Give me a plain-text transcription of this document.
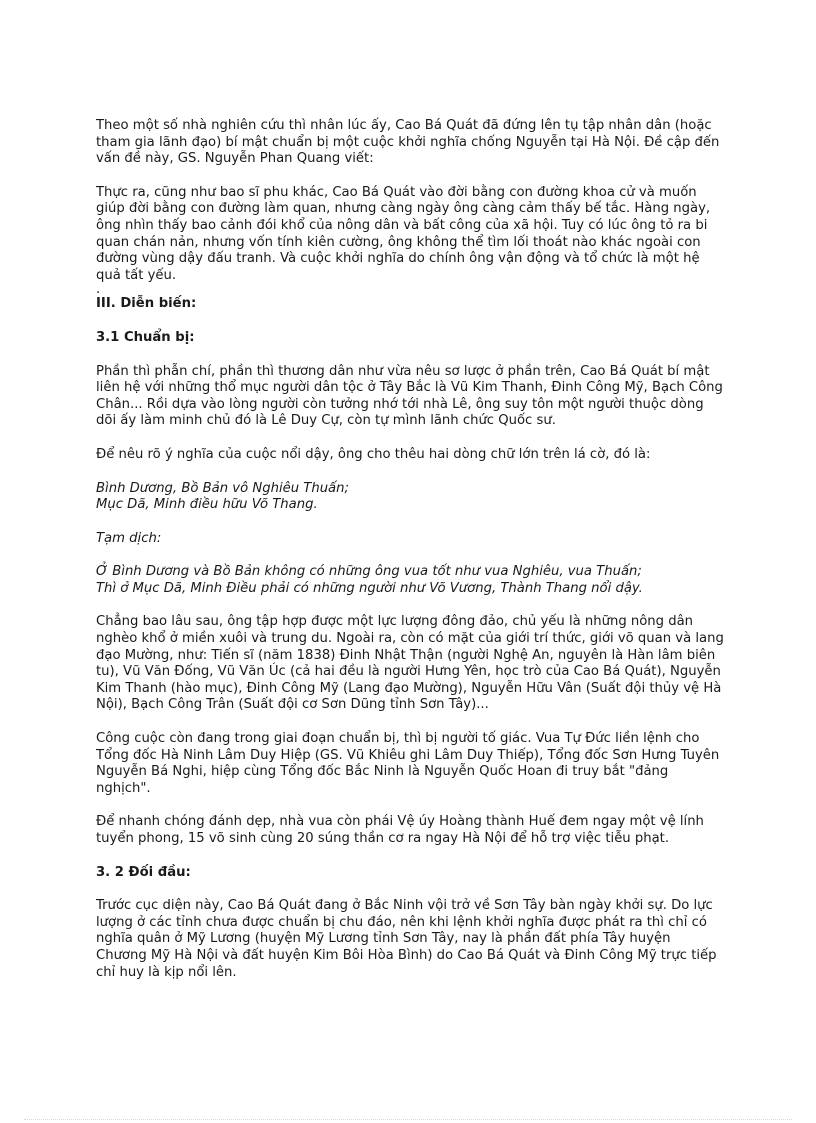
Theo một số nhà nghiên cứu thì nhân lúc ấy, Cao Bá Quát đã đứng lên tụ tập nhân dân (hoặc tham gia lãnh đạo) bí mật chuẩn bị một cuộc khởi nghĩa chống Nguyễn tại Hà Nội. Đề cập đến vấn đề này, GS. Nguyễn Phan Quang viết:

Thực ra, cũng như bao sĩ phu khác, Cao Bá Quát vào đời bằng con đường khoa cử và muốn giúp đời bằng con đường làm quan, nhưng càng ngày ông càng cảm thấy bế tắc. Hàng ngày, ông nhìn thấy bao cảnh đói khổ của nông dân và bất công của xã hội. Tuy có lúc ông tỏ ra bi quan chán nản, nhưng vốn tính kiên cường, ông không thể tìm lối thoát nào khác ngoài con đường vùng dậy đấu tranh. Và cuộc khởi nghĩa do chính ông vận động và tổ chức là một hệ quả tất yếu.

.
III. Diễn biến:
3.1 Chuẩn bị:

Phần thì phẫn chí, phần thì thương dân như vừa nêu sơ lược ở phần trên, Cao Bá Quát bí mật liên hệ với những thổ mục người dân tộc ở Tây Bắc là Vũ Kim Thanh, Đinh Công Mỹ, Bạch Công Chân... Rồi dựa vào lòng người còn tưởng nhớ tới nhà Lê, ông suy tôn một người thuộc dòng dõi ấy làm minh chủ đó là Lê Duy Cự, còn tự mình lãnh chức Quốc sư.

Để nêu rõ ý nghĩa của cuộc nổi dậy, ông cho thêu hai dòng chữ lớn trên lá cờ, đó là:

Bình Dương, Bồ Bản vô Nghiêu Thuấn;
Mục Dã, Minh điều hữu Võ Thang.

Tạm dịch:

Ở Bình Dương và Bồ Bản không có những ông vua tốt như vua Nghiêu, vua Thuấn;
Thì ở Mục Dã, Minh Điều phải có những người như Võ Vương, Thành Thang nổi dậy.

Chẳng bao lâu sau, ông tập hợp được một lực lượng đông đảo, chủ yếu là những nông dân nghèo khổ ở miền xuôi và trung du. Ngoài ra, còn có mặt của giới trí thức, giới võ quan và lang đạo Mường, như: Tiến sĩ (năm 1838) Đinh Nhật Thận (người Nghệ An, nguyên là Hàn lâm biên tu), Vũ Văn Đống, Vũ Văn Úc (cả hai đều là người Hưng Yên, học trò của Cao Bá Quát), Nguyễn Kim Thanh (hào mục), Đinh Công Mỹ (Lang đạo Mường), Nguyễn Hữu Vân (Suất đội thủy vệ Hà Nội), Bạch Công Trân (Suất đội cơ Sơn Dũng tỉnh Sơn Tây)...

Công cuộc còn đang trong giai đoạn chuẩn bị, thì bị người tố giác. Vua Tự Đức liền lệnh cho Tổng đốc Hà Ninh Lâm Duy Hiệp (GS. Vũ Khiêu ghi Lâm Duy Thiếp), Tổng đốc Sơn Hưng Tuyên Nguyễn Bá Nghi, hiệp cùng Tổng đốc Bắc Ninh là Nguyễn Quốc Hoan đi truy bắt "đảng nghịch".

Để nhanh chóng đánh dẹp, nhà vua còn phái Vệ úy Hoàng thành Huế đem ngay một vệ lính tuyển phong, 15 võ sinh cùng 20 súng thần cơ ra ngay Hà Nội để hỗ trợ việc tiễu phạt.

3. 2 Đối đầu:

Trước cục diện này, Cao Bá Quát đang ở Bắc Ninh vội trở về Sơn Tây bàn ngày khởi sự. Do lực lượng ở các tỉnh chưa được chuẩn bị chu đáo, nên khi lệnh khởi nghĩa được phát ra thì chỉ có nghĩa quân ở Mỹ Lương (huyện Mỹ Lương tỉnh Sơn Tây, nay là phần đất phía Tây huyện Chương Mỹ Hà Nội và đất huyện Kim Bôi Hòa Bình) do Cao Bá Quát và Đinh Công Mỹ trực tiếp chỉ huy là kịp nổi lên.
